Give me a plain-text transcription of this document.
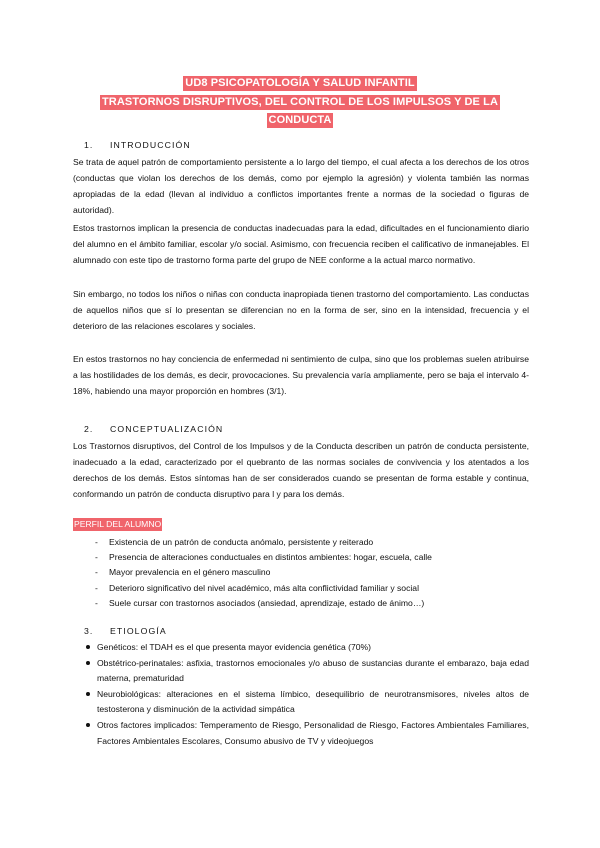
UD8 PSICOPATOLOGÍA Y SALUD INFANTIL
TRASTORNOS DISRUPTIVOS, DEL CONTROL DE LOS IMPULSOS Y DE LA
CONDUCTA
1. INTRODUCCIÓN

Se trata de aquel patrón de comportamiento persistente a lo largo del tiempo, el cual afecta a los derechos de los otros (conductas que violan los derechos de los demás, como por ejemplo la agresión) y violenta también las normas apropiadas de la edad (llevan al individuo a conflictos importantes frente a normas de la sociedad o figuras de autoridad).

Estos trastornos implican la presencia de conductas inadecuadas para la edad, dificultades en el funcionamiento diario del alumno en el ámbito familiar, escolar y/o social. Asimismo, con frecuencia reciben el calificativo de inmanejables. El alumnado con este tipo de trastorno forma parte del grupo de NEE conforme a la actual marco normativo.

Sin embargo, no todos los niños o niñas con conducta inapropiada tienen trastorno del comportamiento. Las conductas de aquellos niños que sí lo presentan se diferencian no en la forma de ser, sino en la intensidad, frecuencia y el deterioro de las relaciones escolares y sociales.

En estos trastornos no hay conciencia de enfermedad ni sentimiento de culpa, sino que los problemas suelen atribuirse a las hostilidades de los demás, es decir, provocaciones. Su prevalencia varía ampliamente, pero se baja el intervalo 4-18%, habiendo una mayor proporción en hombres (3/1).

2. CONCEPTUALIZACIÓN

Los Trastornos disruptivos, del Control de los Impulsos y de la Conducta describen un patrón de conducta persistente, inadecuado a la edad, caracterizado por el quebranto de las normas sociales de convivencia y los atentados a los derechos de los demás. Estos síntomas han de ser considerados cuando se presentan de forma estable y continua, conformando un patrón de conducta disruptivo para l y para los demás.

PERFIL DEL ALUMNO
- Existencia de un patrón de conducta anómalo, persistente y reiterado
- Presencia de alteraciones conductuales en distintos ambientes: hogar, escuela, calle
- Mayor prevalencia en el género masculino
- Deterioro significativo del nivel académico, más alta conflictividad familiar y social
- Suele cursar con trastornos asociados (ansiedad, aprendizaje, estado de ánimo…)
3. ETIOLOGÍA
Genéticos: el TDAH es el que presenta mayor evidencia genética (70%)
Obstétrico-perinatales: asfixia, trastornos emocionales y/o abuso de sustancias durante el embarazo, baja edad materna, prematuridad
Neurobiológicas: alteraciones en el sistema límbico, desequilibrio de neurotransmisores, niveles altos de testosterona y disminución de la actividad simpática
Otros factores implicados: Temperamento de Riesgo, Personalidad de Riesgo, Factores Ambientales Familiares, Factores Ambientales Escolares, Consumo abusivo de TV y videojuegos
